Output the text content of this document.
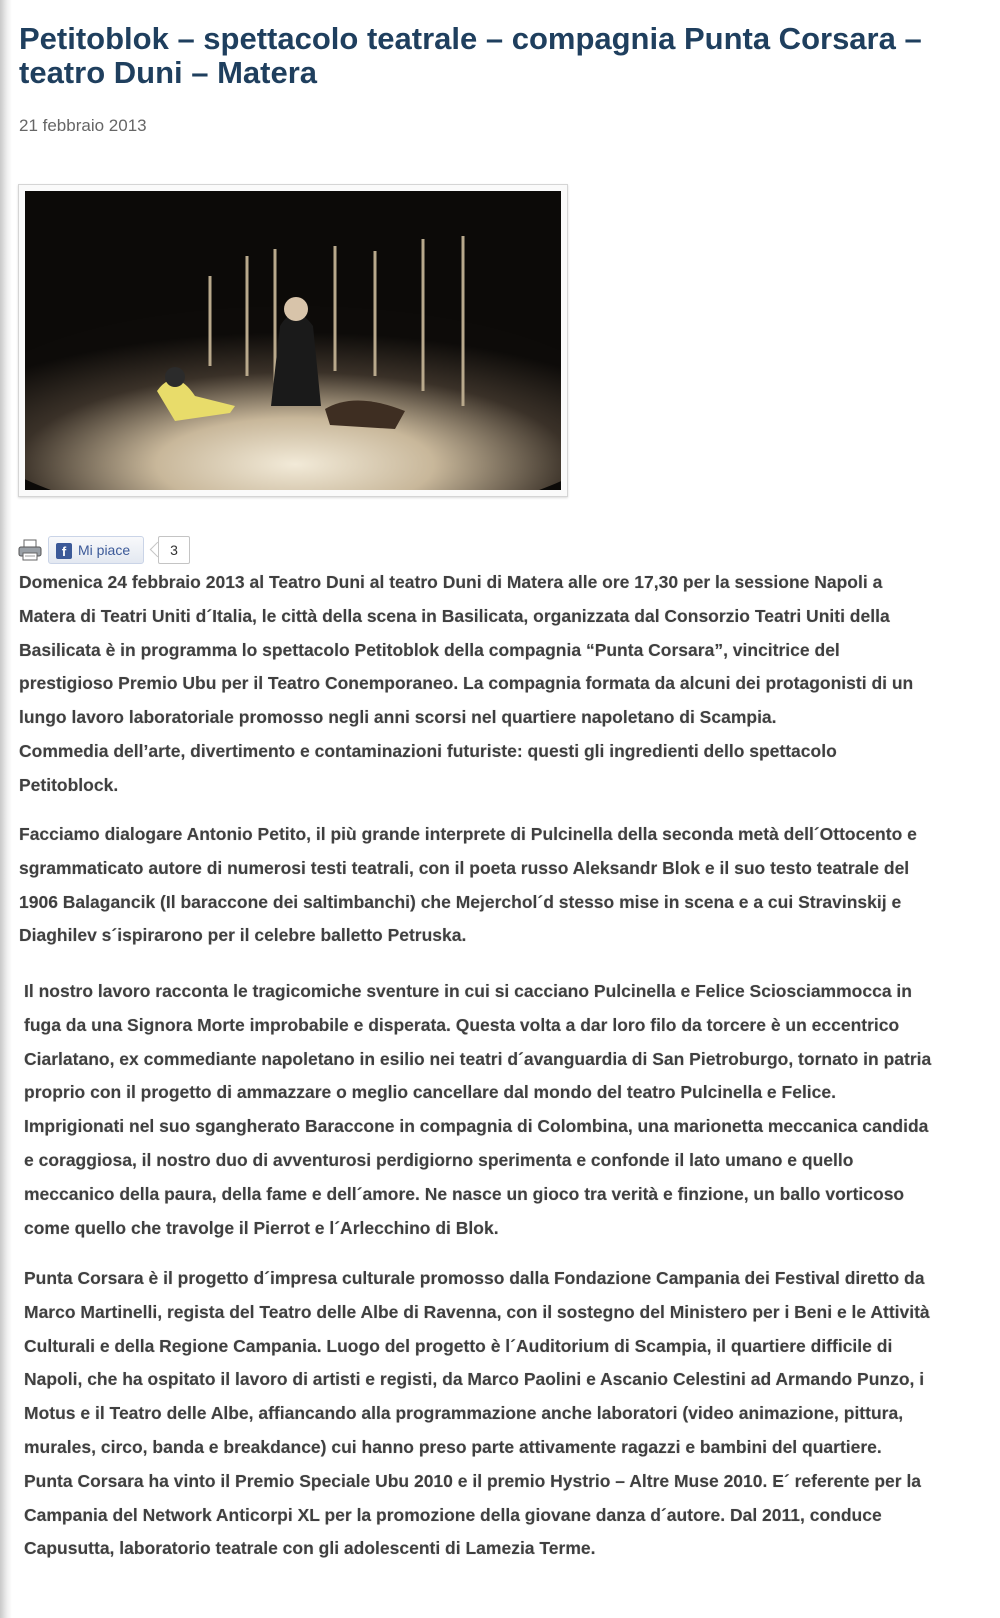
Petitoblok – spettacolo teatrale – compagnia Punta Corsara – teatro Duni – Matera
21 febbraio 2013
f Mi piace	3

Domenica 24 febbraio 2013 al Teatro Duni al teatro Duni di Matera alle ore 17,30 per la sessione Napoli a
Matera di Teatri Uniti d´Italia, le città della scena in Basilicata, organizzata dal Consorzio Teatri Uniti della
Basilicata è in programma lo spettacolo Petitoblok della compagnia “Punta Corsara”, vincitrice del
prestigioso Premio Ubu per il Teatro Conemporaneo. La compagnia formata da alcuni dei protagonisti di un
lungo lavoro laboratoriale promosso negli anni scorsi nel quartiere napoletano di Scampia.
Commedia dell’arte, divertimento e contaminazioni futuriste: questi gli ingredienti dello spettacolo
Petitoblock.

Facciamo dialogare Antonio Petito, il più grande interprete di Pulcinella della seconda metà dell´Ottocento e
sgrammaticato autore di numerosi testi teatrali, con il poeta russo Aleksandr Blok e il suo testo teatrale del
1906 Balagancik (Il baraccone dei saltimbanchi) che Mejerchol´d stesso mise in scena e a cui Stravinskij e
Diaghilev s´ispirarono per il celebre balletto Petruska.

Il nostro lavoro racconta le tragicomiche sventure in cui si cacciano Pulcinella e Felice Sciosciammocca in
fuga da una Signora Morte improbabile e disperata. Questa volta a dar loro filo da torcere è un eccentrico
Ciarlatano, ex commediante napoletano in esilio nei teatri d´avanguardia di San Pietroburgo, tornato in patria
proprio con il progetto di ammazzare o meglio cancellare dal mondo del teatro Pulcinella e Felice.
Imprigionati nel suo sgangherato Baraccone in compagnia di Colombina, una marionetta meccanica candida
e coraggiosa, il nostro duo di avventurosi perdigiorno sperimenta e confonde il lato umano e quello
meccanico della paura, della fame e dell´amore. Ne nasce un gioco tra verità e finzione, un ballo vorticoso
come quello che travolge il Pierrot e l´Arlecchino di Blok.

Punta Corsara è il progetto d´impresa culturale promosso dalla Fondazione Campania dei Festival diretto da
Marco Martinelli, regista del Teatro delle Albe di Ravenna, con il sostegno del Ministero per i Beni e le Attività
Culturali e della Regione Campania. Luogo del progetto è l´Auditorium di Scampia, il quartiere difficile di
Napoli, che ha ospitato il lavoro di artisti e registi, da Marco Paolini e Ascanio Celestini ad Armando Punzo, i
Motus e il Teatro delle Albe, affiancando alla programmazione anche laboratori (video animazione, pittura,
murales, circo, banda e breakdance) cui hanno preso parte attivamente ragazzi e bambini del quartiere.
Punta Corsara ha vinto il Premio Speciale Ubu 2010 e il premio Hystrio – Altre Muse 2010. E´ referente per la
Campania del Network Anticorpi XL per la promozione della giovane danza d´autore. Dal 2011, conduce
Capusutta, laboratorio teatrale con gli adolescenti di Lamezia Terme.
